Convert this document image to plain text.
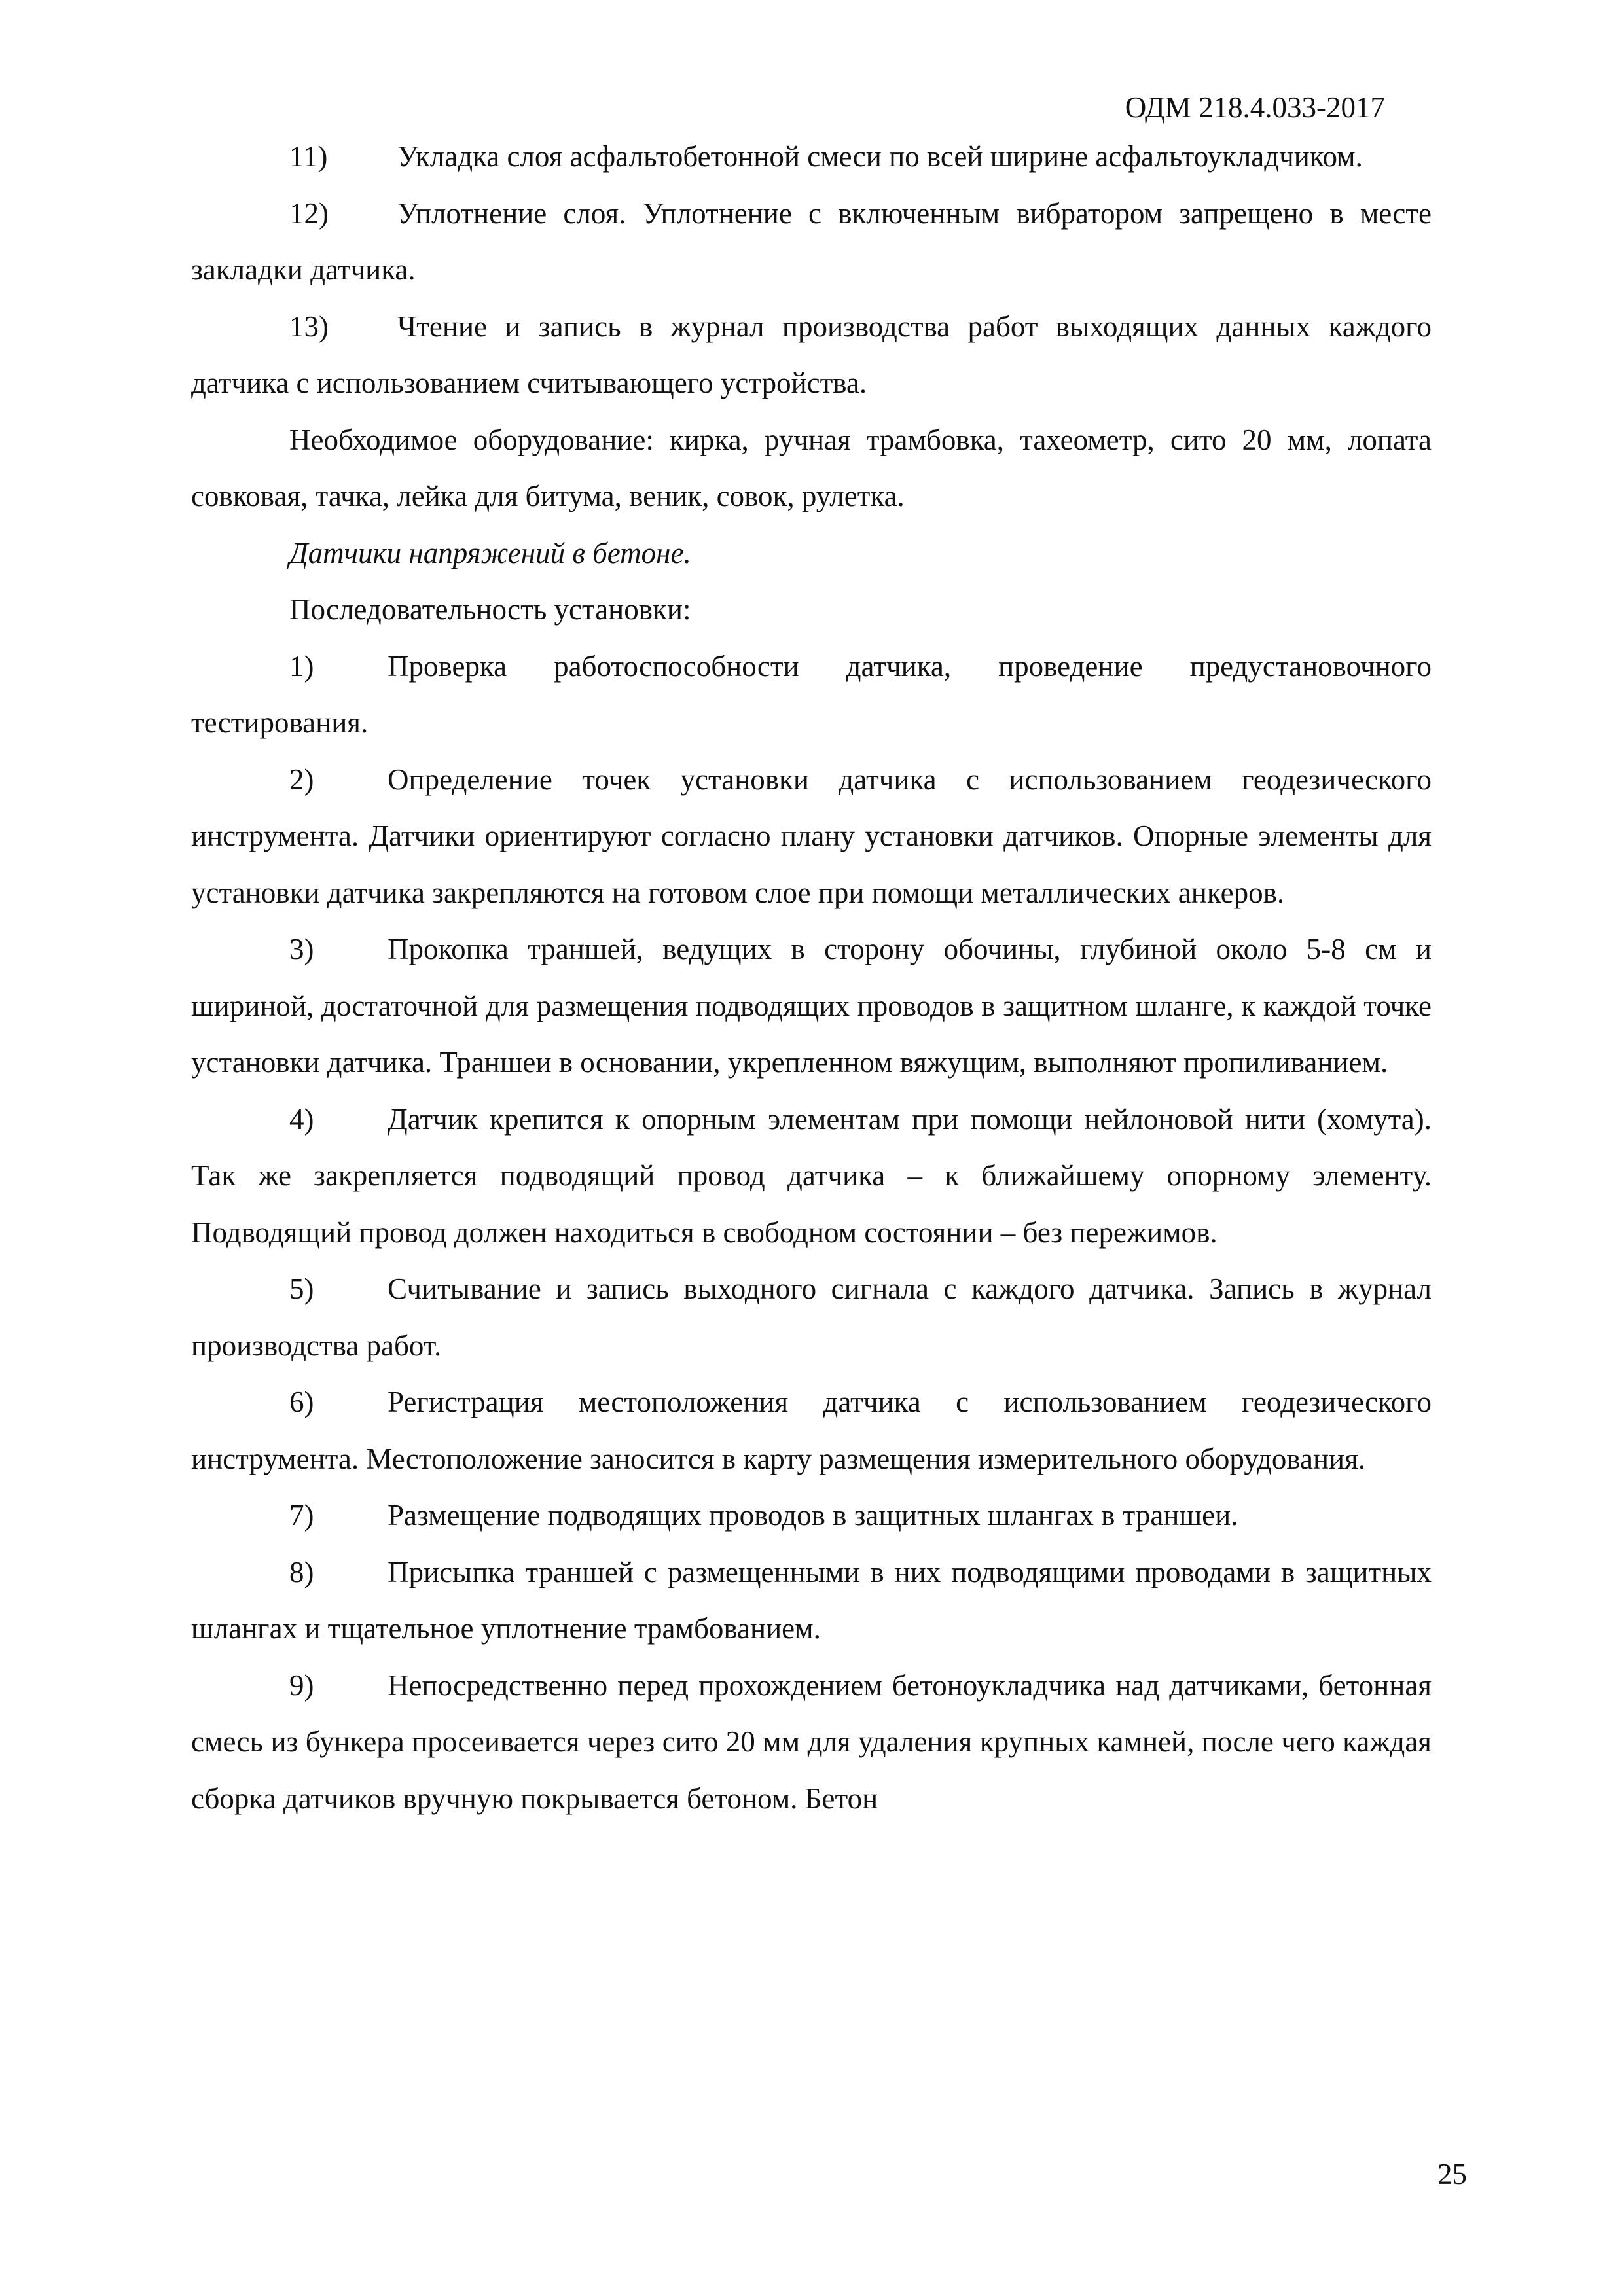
ОДМ 218.4.033-2017

11) Укладка слоя асфальтобетонной смеси по всей ширине асфальтоукладчиком.

12) Уплотнение слоя. Уплотнение с включенным вибратором запрещено в месте закладки датчика.

13) Чтение и запись в журнал производства работ выходящих данных каждого датчика с использованием считывающего устройства.

Необходимое оборудование: кирка, ручная трамбовка, тахеометр, сито 20 мм, лопата совковая, тачка, лейка для битума, веник, совок, рулетка.

Датчики напряжений в бетоне.

Последовательность установки:

1)	Проверка работоспособности датчика, проведение предустановочного тестирования.

2)	Определение точек установки датчика с использованием геодезического инструмента. Датчики ориентируют согласно плану установки датчиков. Опорные элементы для установки датчика закрепляются на готовом слое при помощи металлических анкеров.

3)	Прокопка траншей, ведущих в сторону обочины, глубиной около 5-8 см и шириной, достаточной для размещения подводящих проводов в защитном шланге, к каждой точке установки датчика. Траншеи в основании, укрепленном вяжущим, выполняют пропиливанием.

4)	Датчик крепится к опорным элементам при помощи нейлоновой нити (хомута). Так же закрепляется подводящий провод датчика – к ближайшему опорному элементу. Подводящий провод должен находиться в свободном состоянии – без пережимов.

5)	Считывание и запись выходного сигнала с каждого датчика. Запись в журнал производства работ.

6)	Регистрация местоположения датчика с использованием геодезического инструмента. Местоположение заносится в карту размещения измерительного оборудования.

7)	Размещение подводящих проводов в защитных шлангах в траншеи.

8)	Присыпка траншей с размещенными в них подводящими проводами в защитных шлангах и тщательное уплотнение трамбованием.

9)	Непосредственно перед прохождением бетоноукладчика над датчиками, бетонная смесь из бункера просеивается через сито 20 мм для удаления крупных камней, после чего каждая сборка датчиков вручную покрывается бетоном. Бетон

25
